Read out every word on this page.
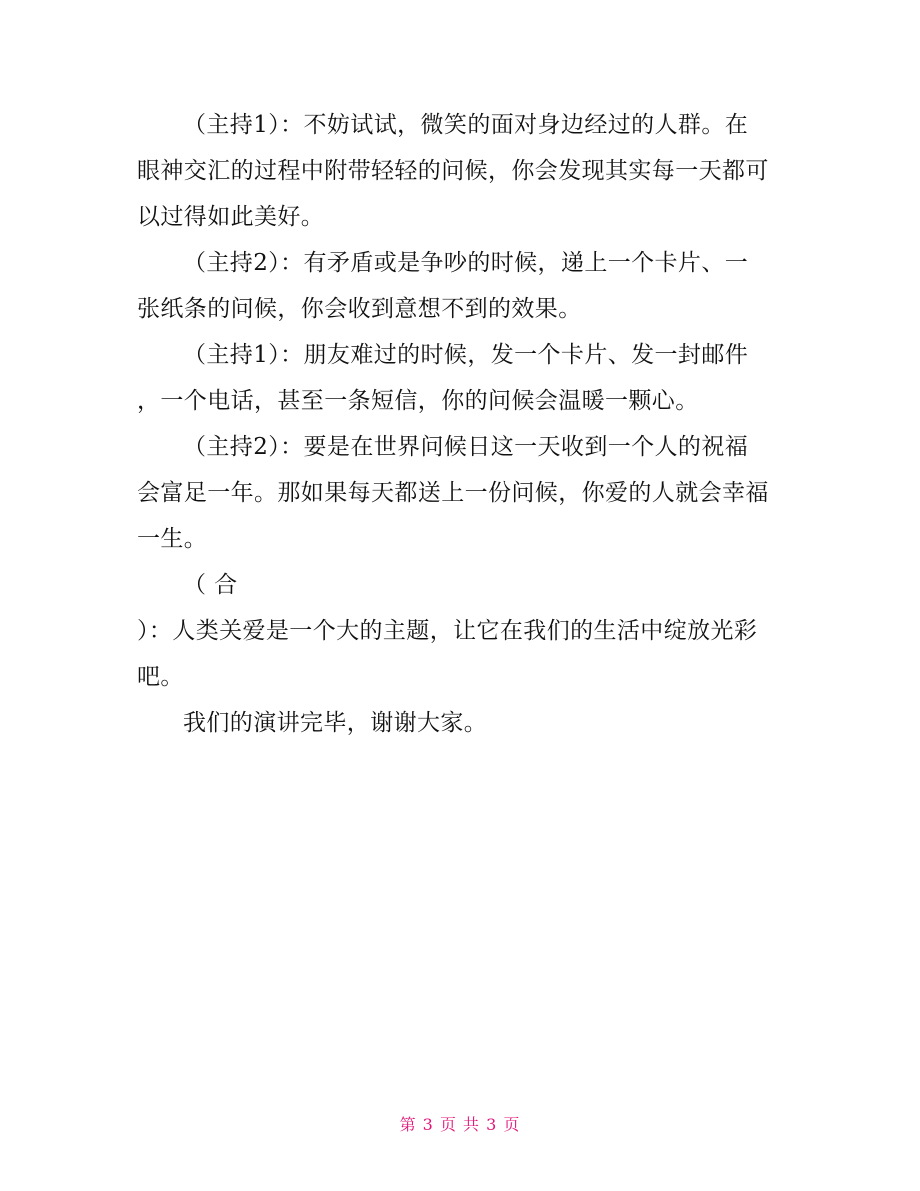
（主持1）：不妨试试，微笑的面对身边经过的人群。在
眼神交汇的过程中附带轻轻的问候，你会发现其实每一天都可
以过得如此美好。
（主持2）：有矛盾或是争吵的时候，递上一个卡片、一
张纸条的问候，你会收到意想不到的效果。
（主持1）：朋友难过的时候，发一个卡片、发一封邮件
，一个电话，甚至一条短信，你的问候会温暖一颗心。
（主持2）：要是在世界问候日这一天收到一个人的祝福
会富足一年。那如果每天都送上一份问候，你爱的人就会幸福
一生。
（ 合
）：人类关爱是一个大的主题，让它在我们的生活中绽放光彩
吧。
我们的演讲完毕，谢谢大家。
第 3 页 共 3 页
